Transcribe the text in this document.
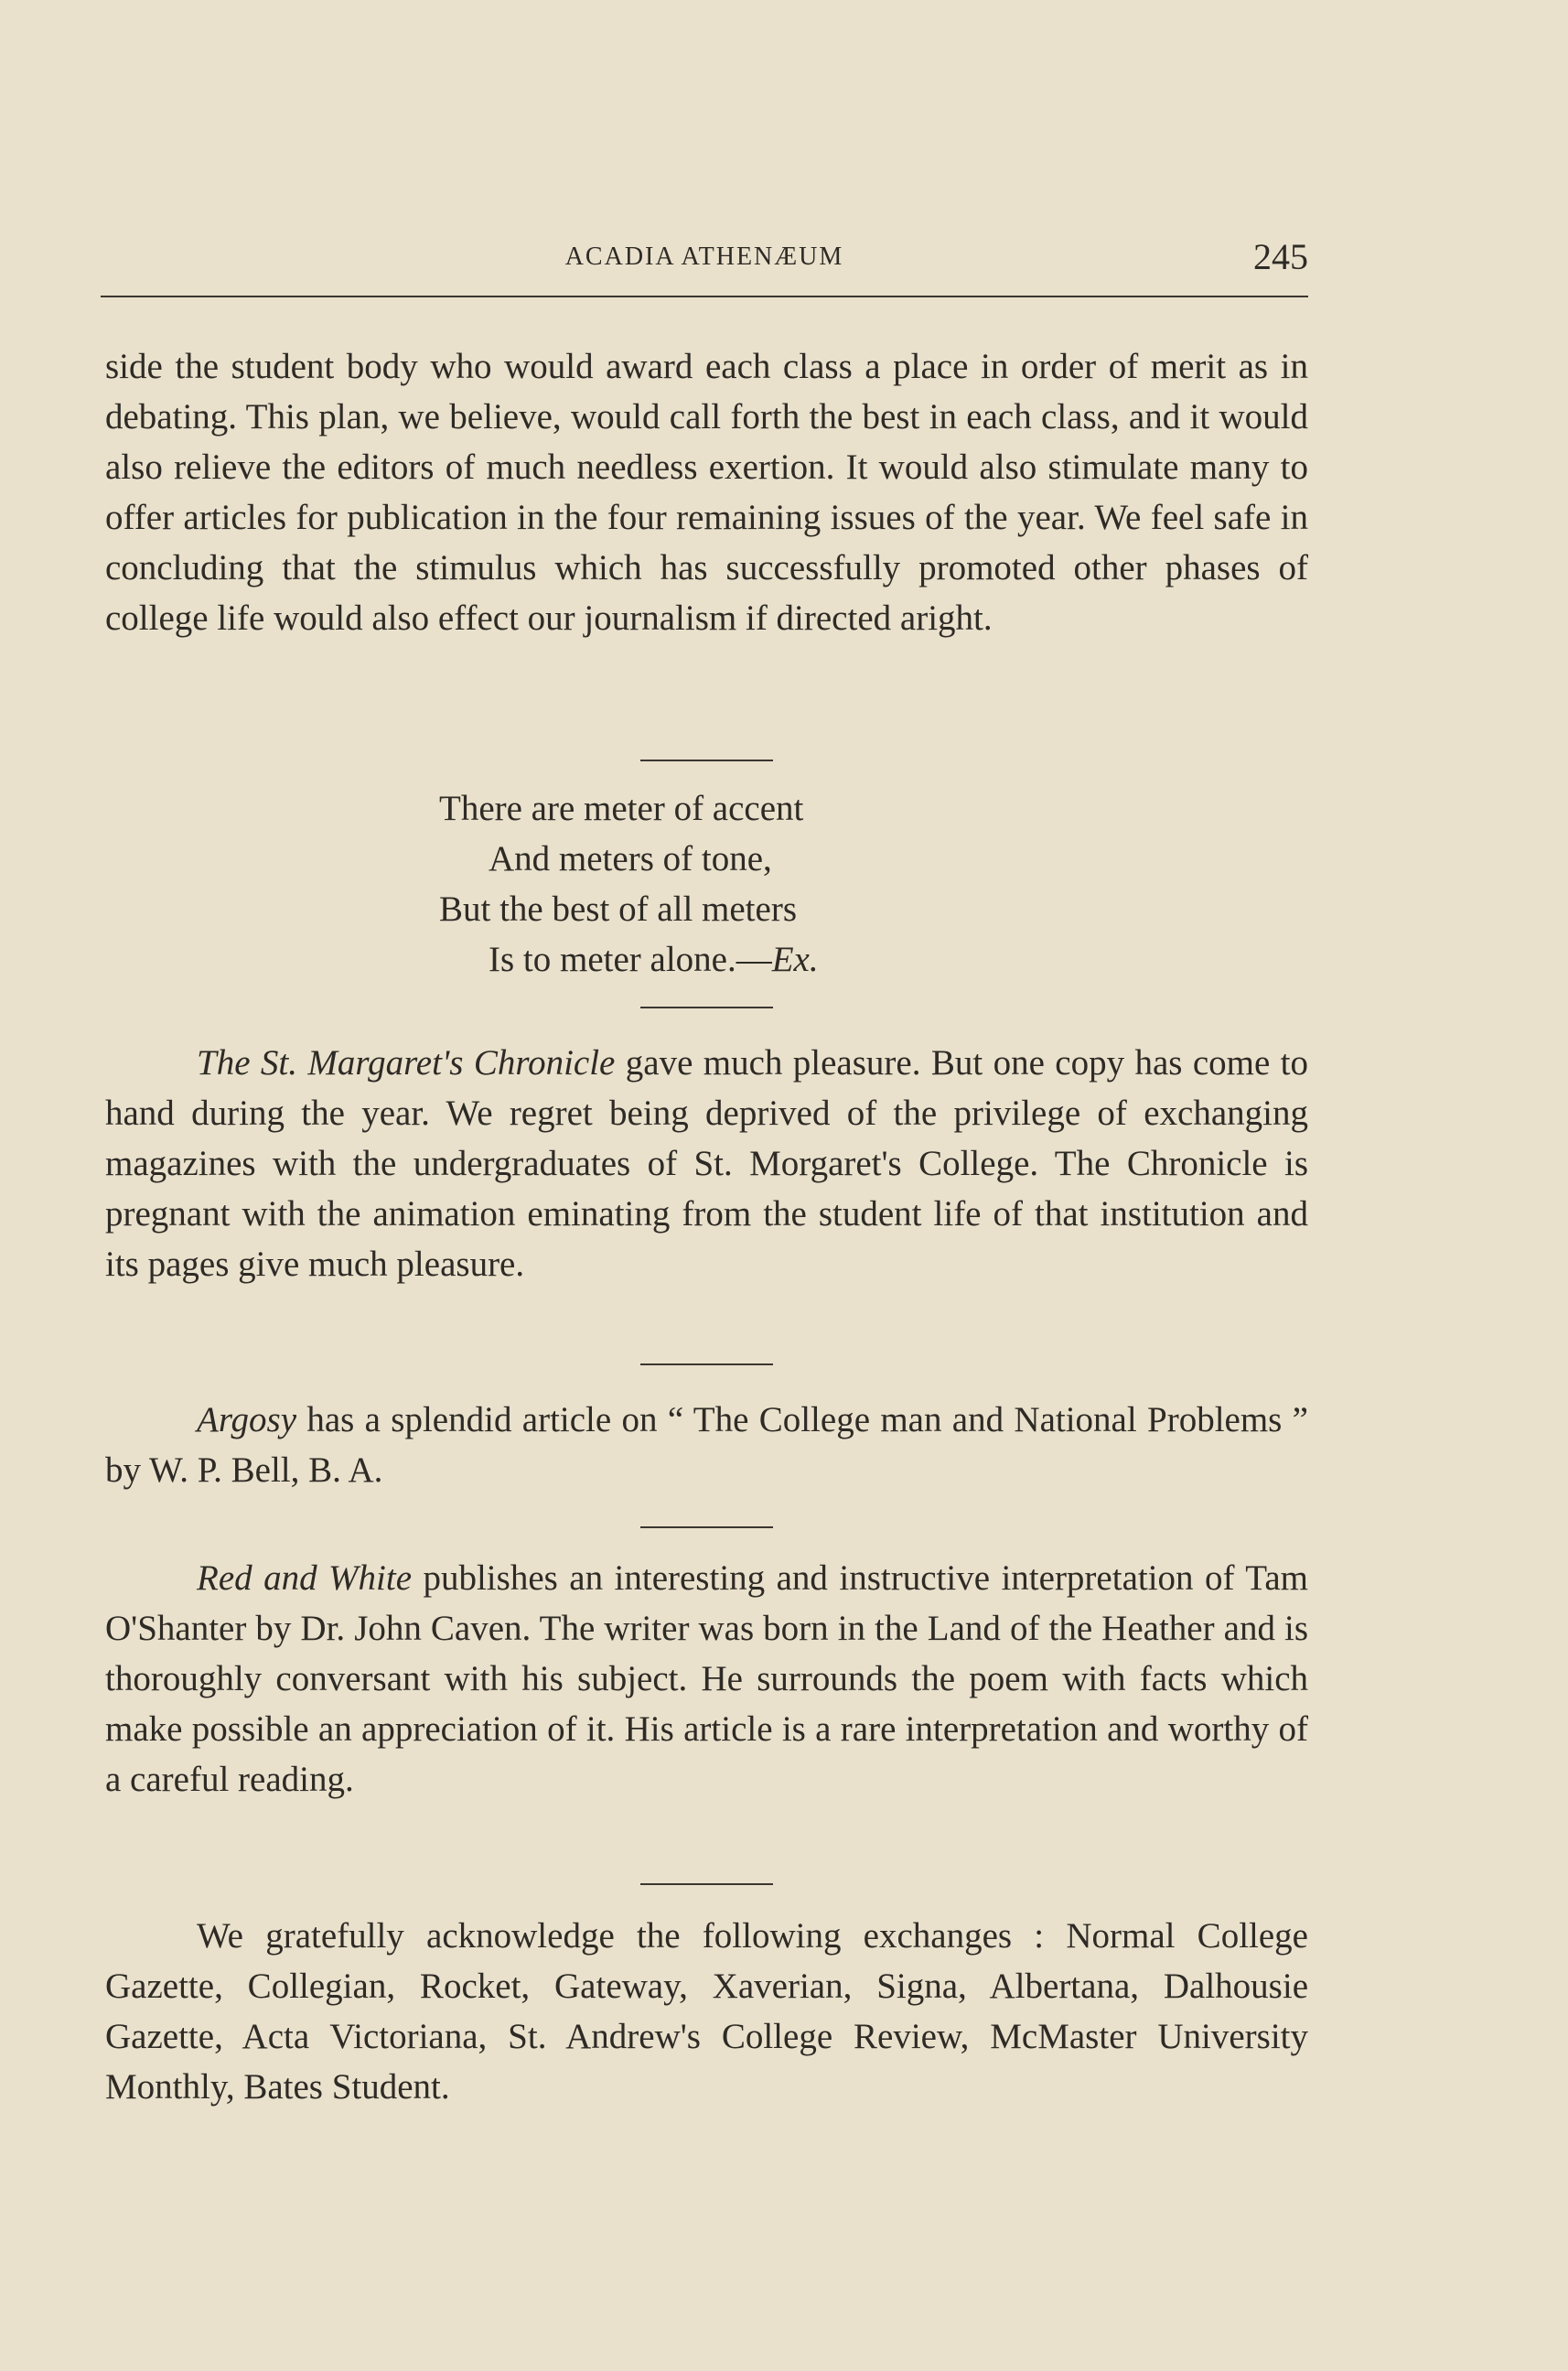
ACADIA ATHENÆUM	245

side the student body who would award each class a place in order of merit as in debating. This plan, we believe, would call forth the best in each class, and it would also relieve the editors of much needless exertion. It would also stimulate many to offer articles for publication in the four remaining issues of the year. We feel safe in concluding that the stimulus which has successfully promoted other phases of college life would also effect our journalism if directed aright.

There are meter of accent
And meters of tone,
But the best of all meters
Is to meter alone.—Ex.

The St. Margaret's Chronicle gave much pleasure. But one copy has come to hand during the year. We regret being deprived of the privilege of exchanging magazines with the undergraduates of St. Morgaret's College. The Chronicle is pregnant with the animation eminating from the student life of that institution and its pages give much pleasure.

Argosy has a splendid article on “ The College man and National Problems ” by W. P. Bell, B. A.

Red and White publishes an interesting and instructive interpretation of Tam O'Shanter by Dr. John Caven. The writer was born in the Land of the Heather and is thoroughly conversant with his subject. He surrounds the poem with facts which make possible an appreciation of it. His article is a rare interpretation and worthy of a careful reading.

We gratefully acknowledge the following exchanges : Normal College Gazette, Collegian, Rocket, Gateway, Xaverian, Signa, Albertana, Dalhousie Gazette, Acta Victoriana, St. Andrew's College Review, McMaster University Monthly, Bates Student.
